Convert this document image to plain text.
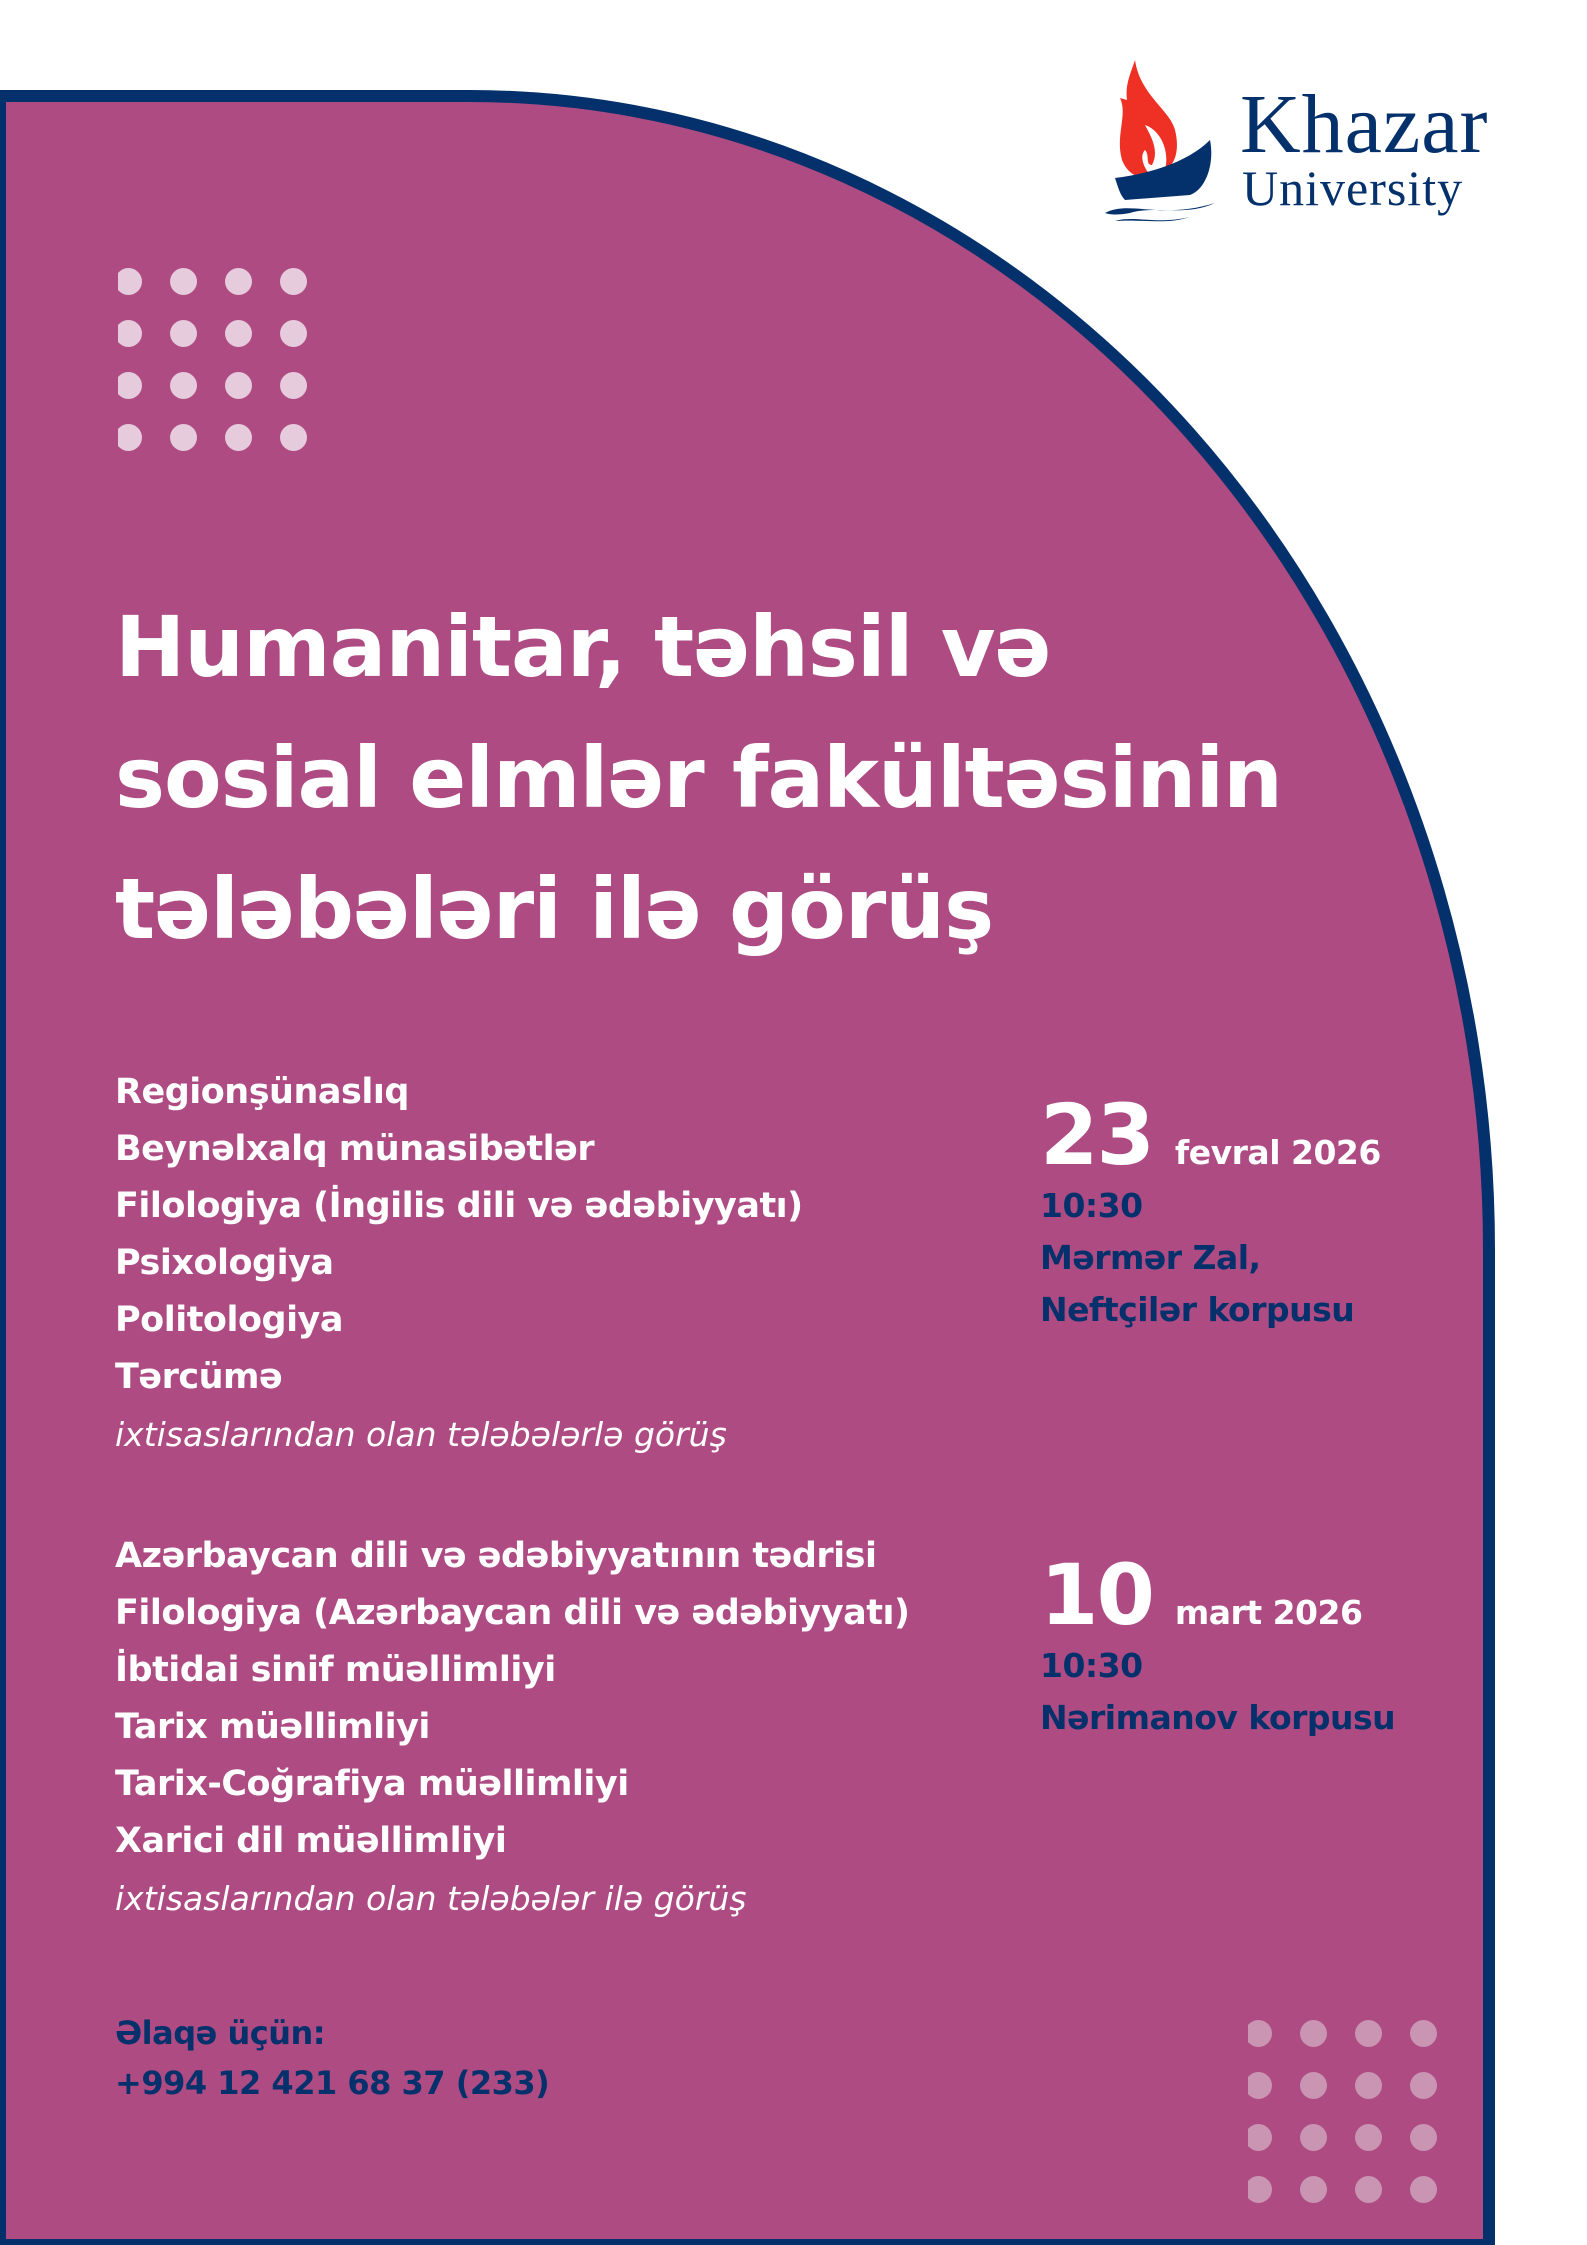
Khazar
University
Humanitar, təhsil və
sosial elmlər fakültəsinin
tələbələri ilə görüş
Regionşünaslıq
Beynəlxalq münasibətlər
Filologiya (İngilis dili və ədəbiyyatı)
Psixologiya
Politologiya
Tərcümə
ixtisaslarından olan tələbələrlə görüş
23 fevral 2026
10:30
Mərmər Zal,
Neftçilər korpusu
Azərbaycan dili və ədəbiyyatının tədrisi
Filologiya (Azərbaycan dili və ədəbiyyatı)
İbtidai sinif müəllimliyi
Tarix müəllimliyi
Tarix-Coğrafiya müəllimliyi
Xarici dil müəllimliyi
ixtisaslarından olan tələbələr ilə görüş
10 mart 2026
10:30
Nərimanov korpusu
Əlaqə üçün:
+994 12 421 68 37 (233)
